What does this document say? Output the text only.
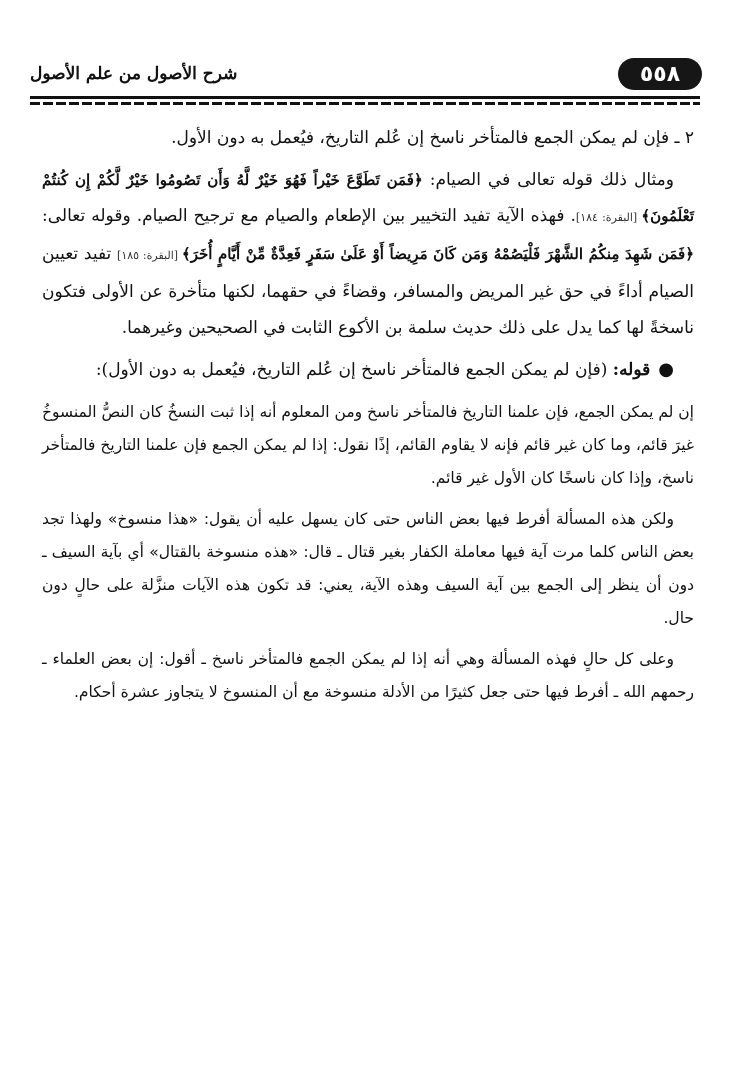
٥٥٨
شرح الأصول من علم الأصول

٢ ـ فإن لم يمكن الجمع فالمتأخر ناسخ إن عُلم التاريخ، فيُعمل به دون الأول.

ومثال ذلك قوله تعالى في الصيام: ﴿فَمَن تَطَوَّعَ خَيْراً فَهُوَ خَيْرٌ لَّهُ وَأَن تَصُومُوا خَيْرٌ لَّكُمْ إِن كُنتُمْ تَعْلَمُونَ﴾ [البقرة: ١٨٤]. فهذه الآية تفيد التخيير بين الإطعام والصيام مع ترجيح الصيام. وقوله تعالى: ﴿فَمَن شَهِدَ مِنكُمُ الشَّهْرَ فَلْيَصُمْهُ وَمَن كَانَ مَرِيضاً أَوْ عَلَىٰ سَفَرٍ فَعِدَّةٌ مِّنْ أَيَّامٍ أُخَرَ﴾ [البقرة: ١٨٥] تفيد تعيين الصيام أداءً في حق غير المريض والمسافر، وقضاءً في حقهما، لكنها متأخرة عن الأولى فتكون ناسخةً لها كما يدل على ذلك حديث سلمة بن الأكوع الثابت في الصحيحين وغيرهما.

●قوله: (فإن لم يمكن الجمع فالمتأخر ناسخ إن عُلم التاريخ، فيُعمل به دون الأول):

إن لم يمكن الجمع، فإن علمنا التاريخ فالمتأخر ناسخ ومن المعلوم أنه إذا ثبت النسخُ كان النصُّ المنسوخُ غيرَ قائم، وما كان غير قائم فإنه لا يقاوم القائم، إذًا نقول: إذا لم يمكن الجمع فإن علمنا التاريخ فالمتأخر ناسخ، وإذا كان ناسخًا كان الأول غير قائم.

ولكن هذه المسألة أفرط فيها بعض الناس حتى كان يسهل عليه أن يقول: «هذا منسوخ» ولهذا تجد بعض الناس كلما مرت آية فيها معاملة الكفار بغير قتال ـ قال: «هذه منسوخة بالقتال» أي بآية السيف ـ دون أن ينظر إلى الجمع بين آية السيف وهذه الآية، يعني: قد تكون هذه الآيات منزَّلة على حالٍ دون حال.

وعلى كل حالٍ فهذه المسألة وهي أنه إذا لم يمكن الجمع فالمتأخر ناسخ ـ أقول: إن بعض العلماء ـ رحمهم الله ـ أفرط فيها حتى جعل كثيرًا من الأدلة منسوخة مع أن المنسوخ لا يتجاوز عشرة أحكام.
